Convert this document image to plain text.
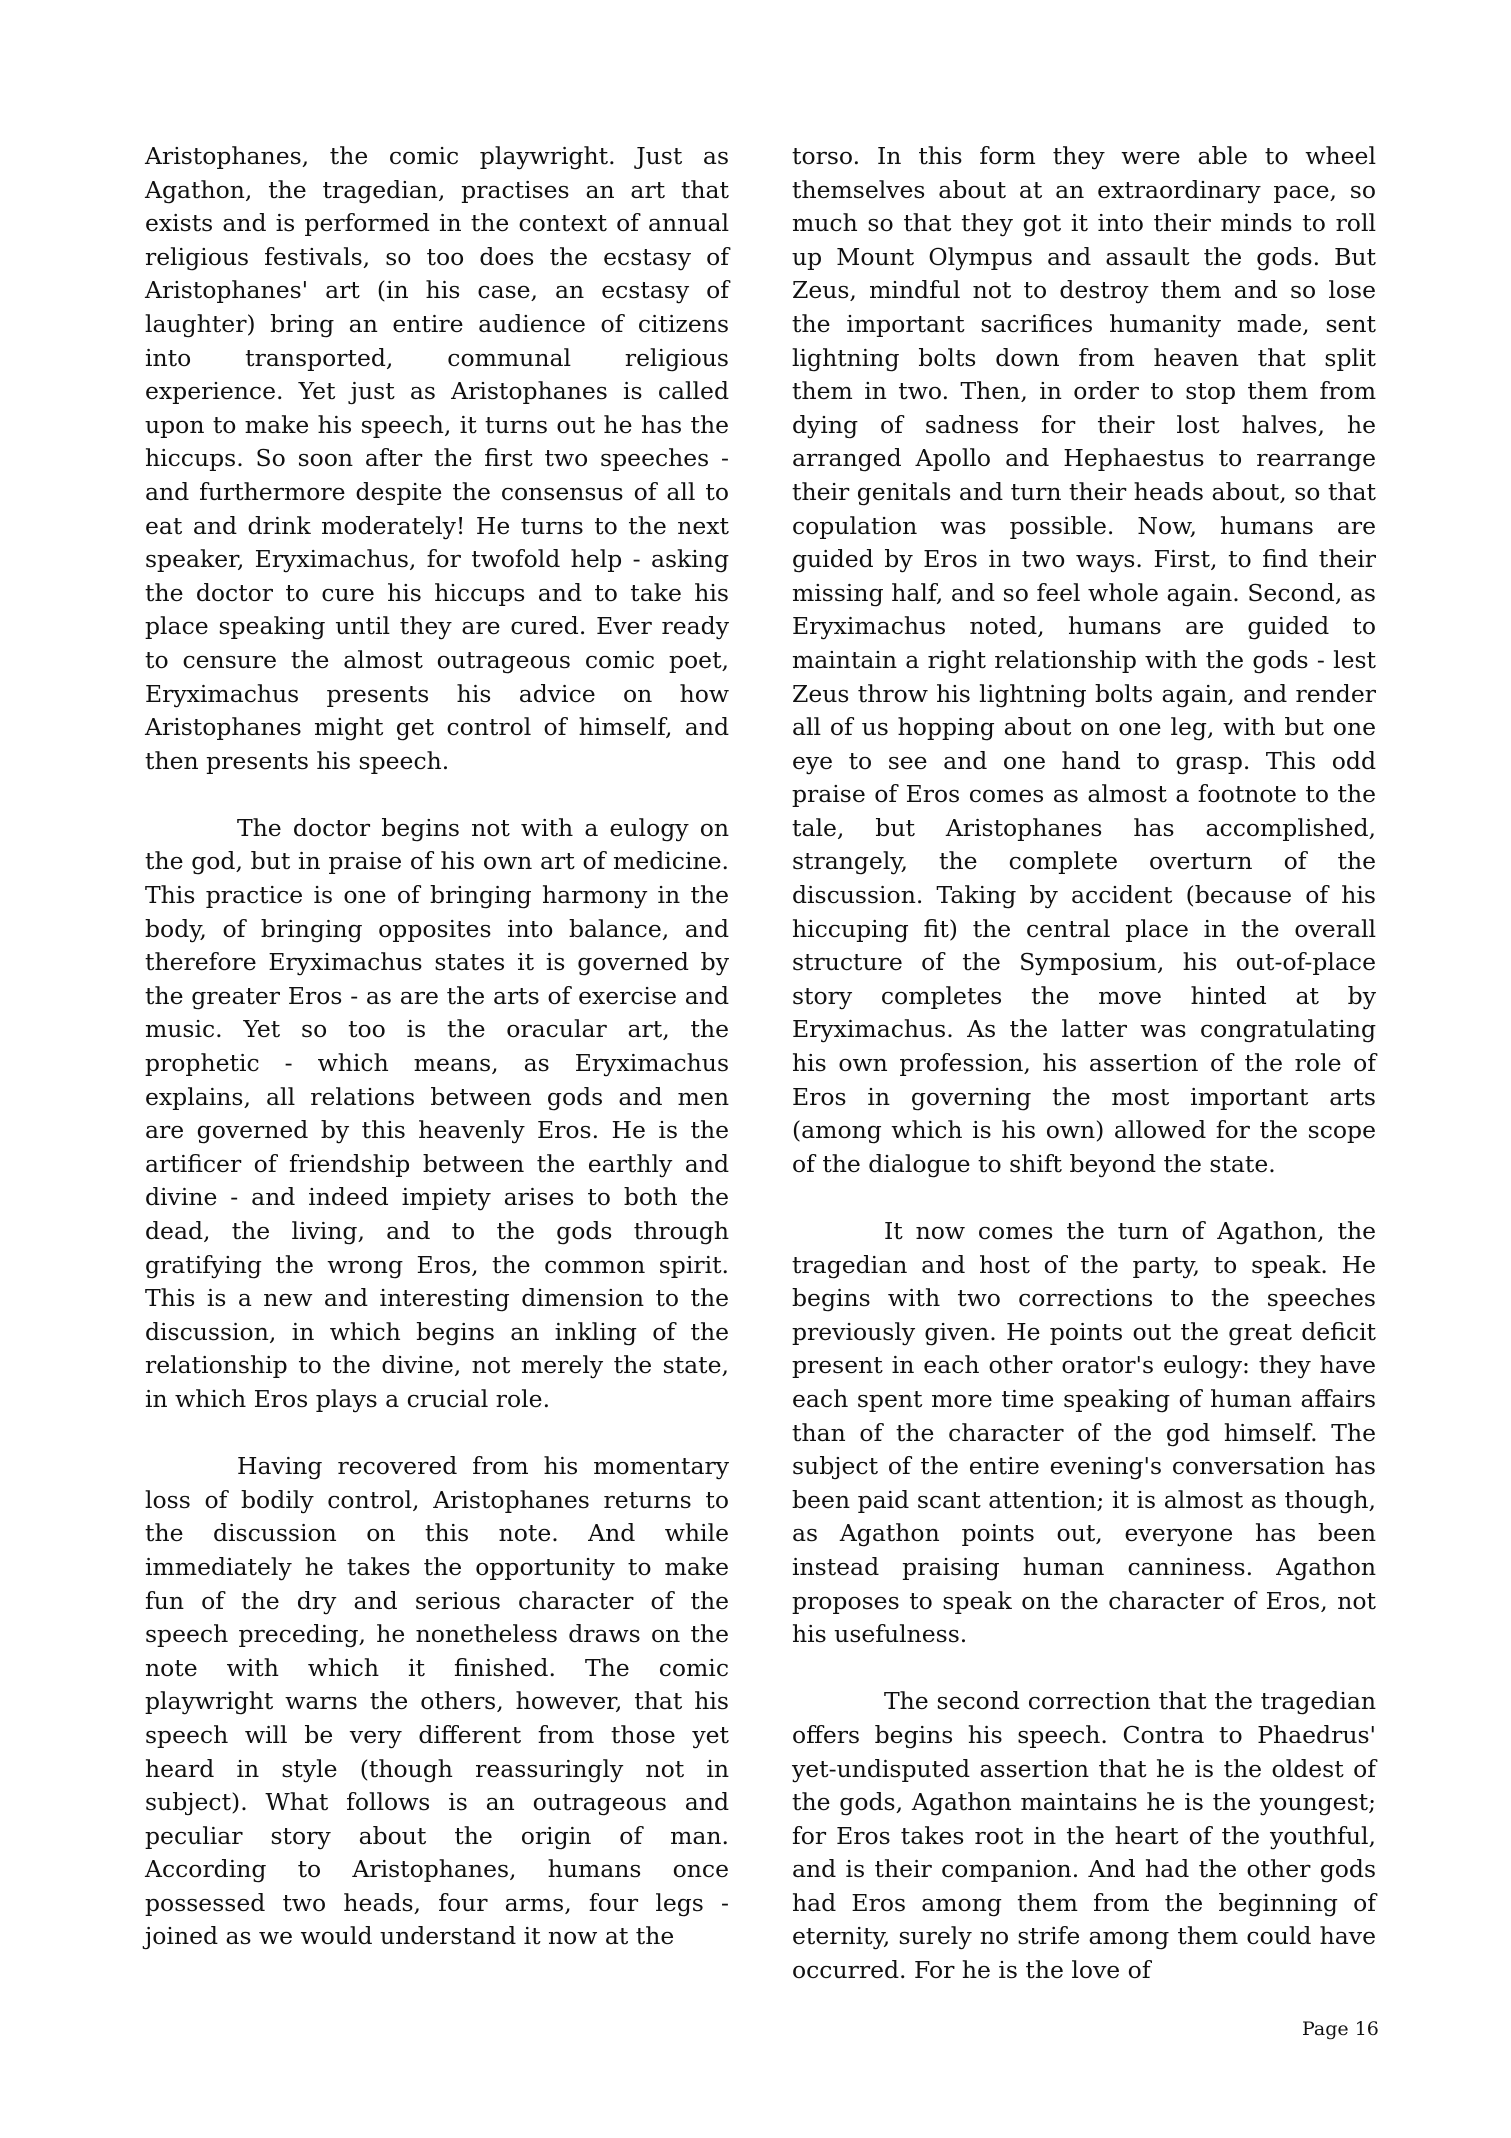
Aristophanes, the comic playwright. Just as Agathon, the tragedian, practises an art that exists and is performed in the context of annual religious festivals, so too does the ecstasy of Aristophanes' art (in his case, an ecstasy of laughter) bring an entire audience of citizens into transported, communal religious experience. Yet just as Aristophanes is called upon to make his speech, it turns out he has the hiccups. So soon after the first two speeches - and furthermore despite the consensus of all to eat and drink moderately! He turns to the next speaker, Eryximachus, for twofold help - asking the doctor to cure his hiccups and to take his place speaking until they are cured. Ever ready to censure the almost outrageous comic poet, Eryximachus presents his advice on how Aristophanes might get control of himself, and then presents his speech.

The doctor begins not with a eulogy on the god, but in praise of his own art of medicine. This practice is one of bringing harmony in the body, of bringing opposites into balance, and therefore Eryximachus states it is governed by the greater Eros - as are the arts of exercise and music. Yet so too is the oracular art, the prophetic - which means, as Eryximachus explains, all relations between gods and men are governed by this heavenly Eros. He is the artificer of friendship between the earthly and divine - and indeed impiety arises to both the dead, the living, and to the gods through gratifying the wrong Eros, the common spirit. This is a new and interesting dimension to the discussion, in which begins an inkling of the relationship to the divine, not merely the state, in which Eros plays a crucial role.

Having recovered from his momentary loss of bodily control, Aristophanes returns to the discussion on this note. And while immediately he takes the opportunity to make fun of the dry and serious character of the speech preceding, he nonetheless draws on the note with which it finished. The comic playwright warns the others, however, that his speech will be very different from those yet heard in style (though reassuringly not in subject). What follows is an outrageous and peculiar story about the origin of man. According to Aristophanes, humans once possessed two heads, four arms, four legs - joined as we would understand it now at the

torso. In this form they were able to wheel themselves about at an extraordinary pace, so much so that they got it into their minds to roll up Mount Olympus and assault the gods. But Zeus, mindful not to destroy them and so lose the important sacrifices humanity made, sent lightning bolts down from heaven that split them in two. Then, in order to stop them from dying of sadness for their lost halves, he arranged Apollo and Hephaestus to rearrange their genitals and turn their heads about, so that copulation was possible. Now, humans are guided by Eros in two ways. First, to find their missing half, and so feel whole again. Second, as Eryximachus noted, humans are guided to maintain a right relationship with the gods - lest Zeus throw his lightning bolts again, and render all of us hopping about on one leg, with but one eye to see and one hand to grasp. This odd praise of Eros comes as almost a footnote to the tale, but Aristophanes has accomplished, strangely, the complete overturn of the discussion. Taking by accident (because of his hiccuping fit) the central place in the overall structure of the Symposium, his out-of-place story completes the move hinted at by Eryximachus. As the latter was congratulating his own profession, his assertion of the role of Eros in governing the most important arts (among which is his own) allowed for the scope of the dialogue to shift beyond the state.

It now comes the turn of Agathon, the tragedian and host of the party, to speak. He begins with two corrections to the speeches previously given. He points out the great deficit present in each other orator's eulogy: they have each spent more time speaking of human affairs than of the character of the god himself. The subject of the entire evening's conversation has been paid scant attention; it is almost as though, as Agathon points out, everyone has been instead praising human canniness. Agathon proposes to speak on the character of Eros, not his usefulness.

The second correction that the tragedian offers begins his speech. Contra to Phaedrus' yet-undisputed assertion that he is the oldest of the gods, Agathon maintains he is the youngest; for Eros takes root in the heart of the youthful, and is their companion. And had the other gods had Eros among them from the beginning of eternity, surely no strife among them could have occurred. For he is the love of

Page 16
